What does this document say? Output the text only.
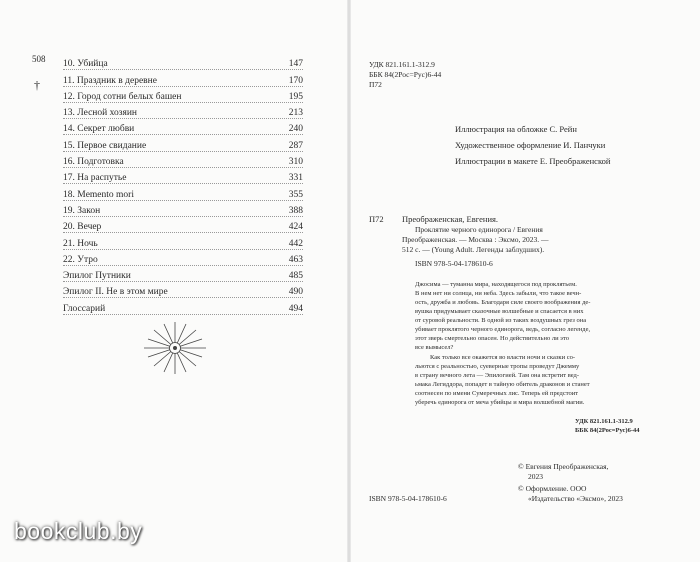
508
†
10. Убийца	147
11. Праздник в деревне	170
12. Город сотни белых башен	195
13. Лесной хозяин	213
14. Секрет любви	240
15. Первое свидание	287
16. Подготовка	310
17. На распутье	331
18. Memento mori	355
19. Закон	388
20. Вечер	424
21. Ночь	442
22. Утро	463
Эпилог Путники	485
Эпилог II. Не в этом мире	490
Глоссарий	494
УДК 821.161.1-312.9
ББК 84(2Рос=Рус)6-44
П72
Иллюстрация на обложке С. Рейн
Художественное оформление И. Панчуки
Иллюстрации в макете Е. Преображенской
П72 Преображенская, Евгения.
Проклятие черного единорога / Евгения
Преображенская. — Москва : Эксмо, 2023. —
512 с. — (Young Adult. Легенды заблудших).
ISBN 978-5-04-178610-6
Джосима — туманна мира, находящегося под проклятьем.
В нем нет ни солнца, ни неба. Здесь забыли, что такое вечн-
ость, дружба и любовь. Благодаря силе своего воображения де-
вушка придумывает сказочные волшебные и спасается в них
от суровой реальности. В одной из таких воздушных грез она
убивает проклятого черного единорога, ведь, согласно легенде,
этот зверь смертельно опасен. Но действительно ли это
все вымысел?
Как только все окажется во власти ночи и сказки со-
льются с реальностью, суеверные тропы проведут Джемму
в страну вечного лета — Эпилогией. Там она встретит вед-
ьмака Легиддора, попадет в тайную обитель драконов и станет
соотнесен по имени Сумеречных лис. Теперь ей предстоит
уберечь единорога от меча убийцы и мира волшебной магии.
УДК 821.161.1-312.9
ББК 84(2Рос=Рус)6-44
© Евгения Преображенская,
2023
© Оформление. ООО
ISBN 978-5-04-178610-6	«Издательство «Эксмо», 2023
bookclub.by
